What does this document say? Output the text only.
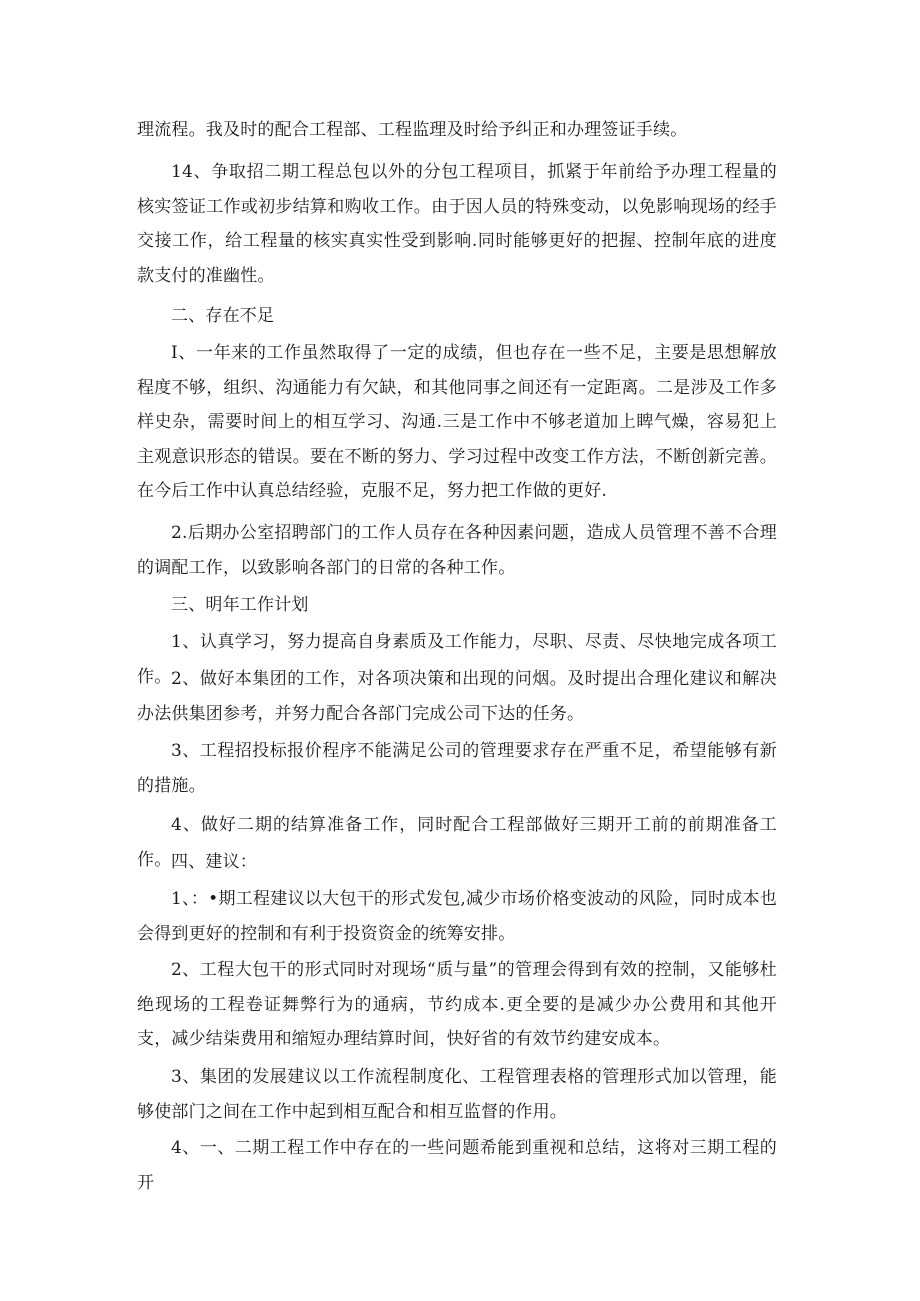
理流程。我及时的配合工程部、工程监理及时给予纠正和办理签证手续。

14、争取招二期工程总包以外的分包工程项目，抓紧于年前给予办理工程量的核实签证工作或初步结算和购收工作。由于因人员的特殊变动，以免影响现场的经手交接工作，给工程量的核实真实性受到影响.同时能够更好的把握、控制年底的进度款支付的准幽性。

二、存在不足

I、一年来的工作虽然取得了一定的成绩，但也存在一些不足，主要是思想解放程度不够，组织、沟通能力有欠缺，和其他同事之间还有一定距离。二是涉及工作多样史杂，需要时间上的相互学习、沟通.三是工作中不够老道加上睥气燥，容易犯上主观意识形态的错误。要在不断的努力、学习过程中改变工作方法，不断创新完善。在今后工作中认真总结经验，克服不足，努力把工作做的更好.

2.后期办公室招聘部门的工作人员存在各种因素问题，造成人员管理不善不合理的调配工作，以致影响各部门的日常的各种工作。

三、明年工作计划

1、认真学习，努力提高自身素质及工作能力，尽职、尽责、尽快地完成各项工作。 2、做好本集团的工作，对各项决策和出现的问烟。及时提出合理化建议和解决办法供集团参考，并努力配合各部门完成公司下达的任务。

3、工程招投标报价程序不能满足公司的管理要求存在严重不足，希望能够有新的措施。

4、做好二期的结算准备工作，同时配合工程部做好三期开工前的前期准备工作。 四、建议：

1、：•期工程建议以大包干的形式发包,减少市场价格变波动的风险，同时成本也会得到更好的控制和有利于投资资金的统筹安排。

2、工程大包干的形式同时对现场“质与量”的管理会得到有效的控制，又能够杜绝现场的工程卷证舞弊行为的通病，节约成本.更全要的是减少办公费用和其他开支，减少结柒费用和缩短办理结算时间，快好省的有效节约建安成本。

3、集团的发展建议以工作流程制度化、工程管理表格的管理形式加以管理，能够使部门之间在工作中起到相互配合和相互监督的作用。

4、一、二期工程工作中存在的一些问题希能到重视和总结，这将对三期工程的开
